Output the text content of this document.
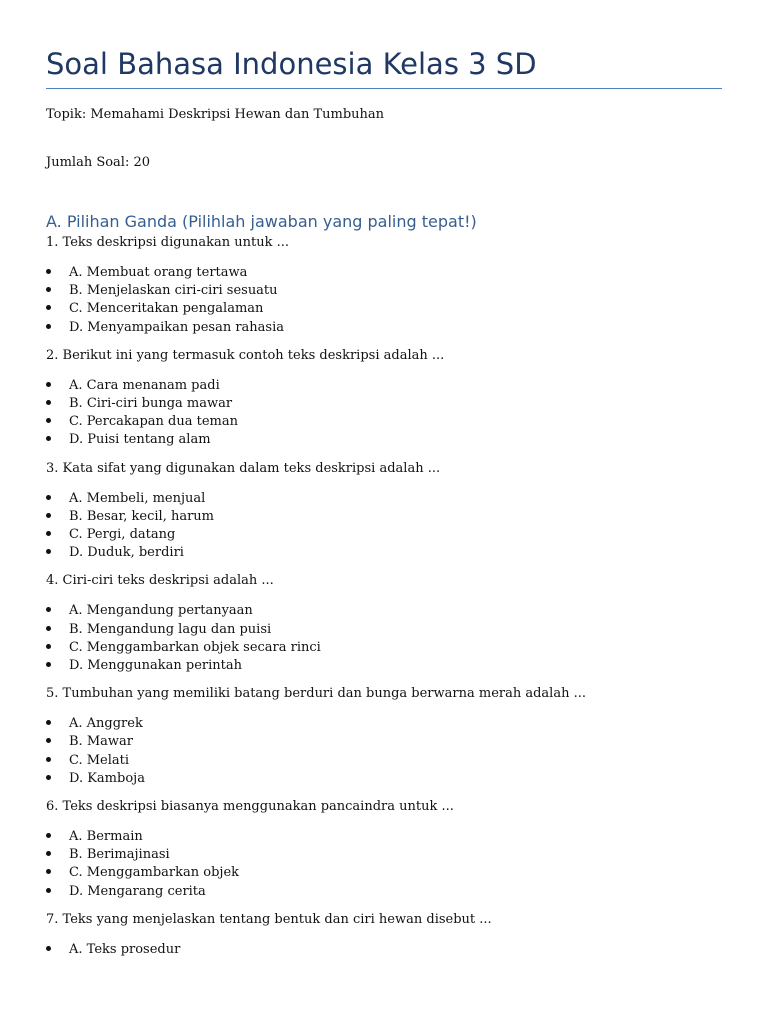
Soal Bahasa Indonesia Kelas 3 SD

Topik: Memahami Deskripsi Hewan dan Tumbuhan

Jumlah Soal: 20

A. Pilihan Ganda (Pilihlah jawaban yang paling tepat!)

1. Teks deskripsi digunakan untuk ...

A. Membuat orang tertawa
B. Menjelaskan ciri-ciri sesuatu
C. Menceritakan pengalaman
D. Menyampaikan pesan rahasia

2. Berikut ini yang termasuk contoh teks deskripsi adalah ...

A. Cara menanam padi
B. Ciri-ciri bunga mawar
C. Percakapan dua teman
D. Puisi tentang alam

3. Kata sifat yang digunakan dalam teks deskripsi adalah ...

A. Membeli, menjual
B. Besar, kecil, harum
C. Pergi, datang
D. Duduk, berdiri

4. Ciri-ciri teks deskripsi adalah ...

A. Mengandung pertanyaan
B. Mengandung lagu dan puisi
C. Menggambarkan objek secara rinci
D. Menggunakan perintah

5. Tumbuhan yang memiliki batang berduri dan bunga berwarna merah adalah ...

A. Anggrek
B. Mawar
C. Melati
D. Kamboja

6. Teks deskripsi biasanya menggunakan pancaindra untuk ...

A. Bermain
B. Berimajinasi
C. Menggambarkan objek
D. Mengarang cerita

7. Teks yang menjelaskan tentang bentuk dan ciri hewan disebut ...

A. Teks prosedur
